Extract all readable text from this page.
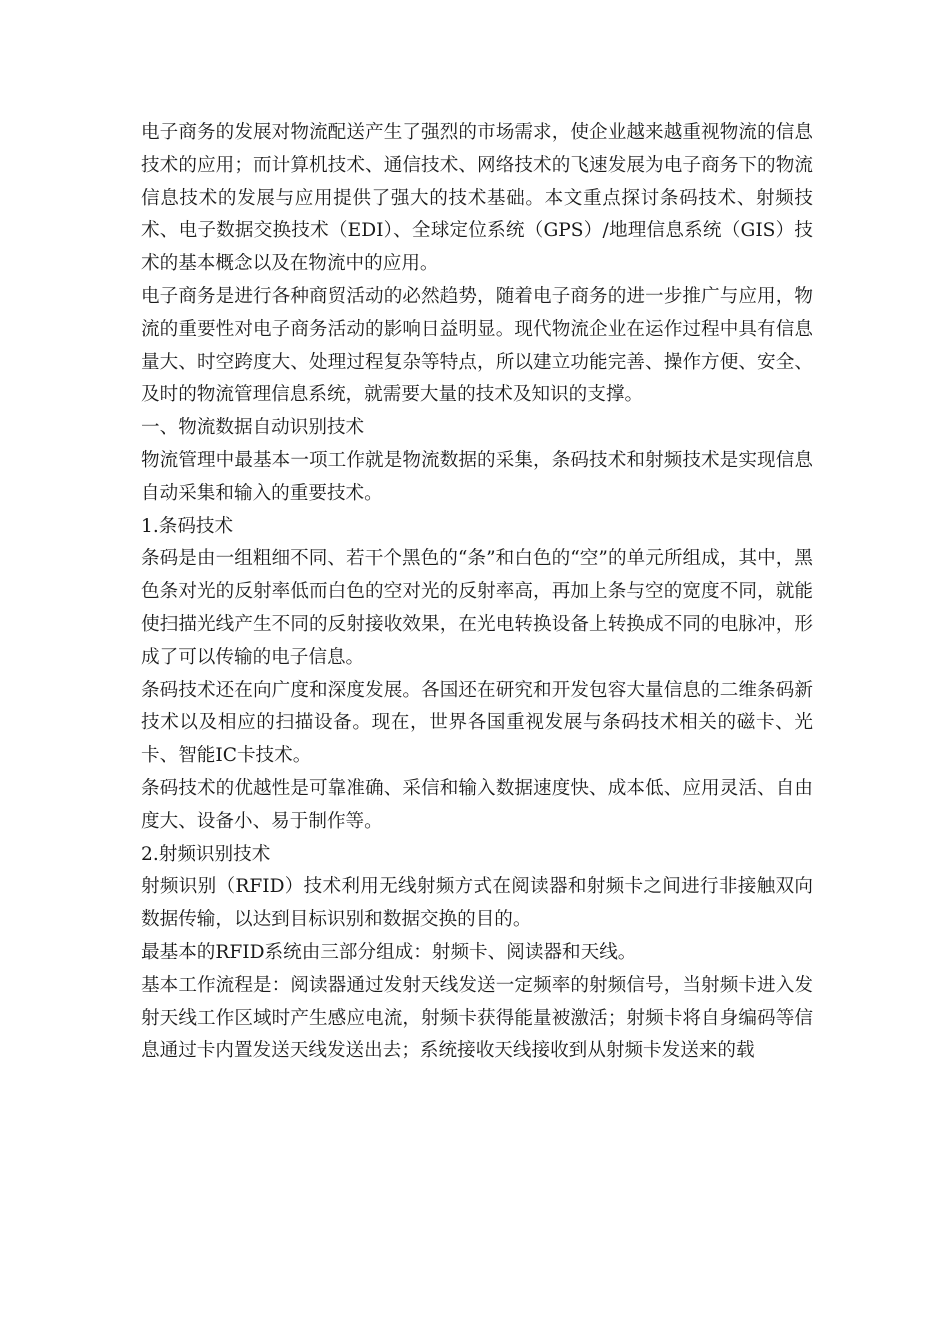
电子商务的发展对物流配送产生了强烈的市场需求，使企业越来越重视物流的信息技术的应用；而计算机技术、通信技术、网络技术的飞速发展为电子商务下的物流信息技术的发展与应用提供了强大的技术基础。本文重点探讨条码技术、射频技术、电子数据交换技术（EDI）、全球定位系统（GPS）/地理信息系统（GIS）技术的基本概念以及在物流中的应用。

电子商务是进行各种商贸活动的必然趋势，随着电子商务的进一步推广与应用，物流的重要性对电子商务活动的影响日益明显。现代物流企业在运作过程中具有信息量大、时空跨度大、处理过程复杂等特点，所以建立功能完善、操作方便、安全、及时的物流管理信息系统，就需要大量的技术及知识的支撑。

一、物流数据自动识别技术

物流管理中最基本一项工作就是物流数据的采集，条码技术和射频技术是实现信息自动采集和输入的重要技术。

1.条码技术

条码是由一组粗细不同、若干个黑色的“条”和白色的“空”的单元所组成，其中，黑色条对光的反射率低而白色的空对光的反射率高，再加上条与空的宽度不同，就能使扫描光线产生不同的反射接收效果，在光电转换设备上转换成不同的电脉冲，形成了可以传输的电子信息。

条码技术还在向广度和深度发展。各国还在研究和开发包容大量信息的二维条码新技术以及相应的扫描设备。现在，世界各国重视发展与条码技术相关的磁卡、光卡、智能IC卡技术。

条码技术的优越性是可靠准确、采信和输入数据速度快、成本低、应用灵活、自由度大、设备小、易于制作等。

2.射频识别技术

射频识别（RFID）技术利用无线射频方式在阅读器和射频卡之间进行非接触双向数据传输，以达到目标识别和数据交换的目的。

最基本的RFID系统由三部分组成：射频卡、阅读器和天线。

基本工作流程是：阅读器通过发射天线发送一定频率的射频信号，当射频卡进入发射天线工作区域时产生感应电流，射频卡获得能量被激活；射频卡将自身编码等信息通过卡内置发送天线发送出去；系统接收天线接收到从射频卡发送来的载
